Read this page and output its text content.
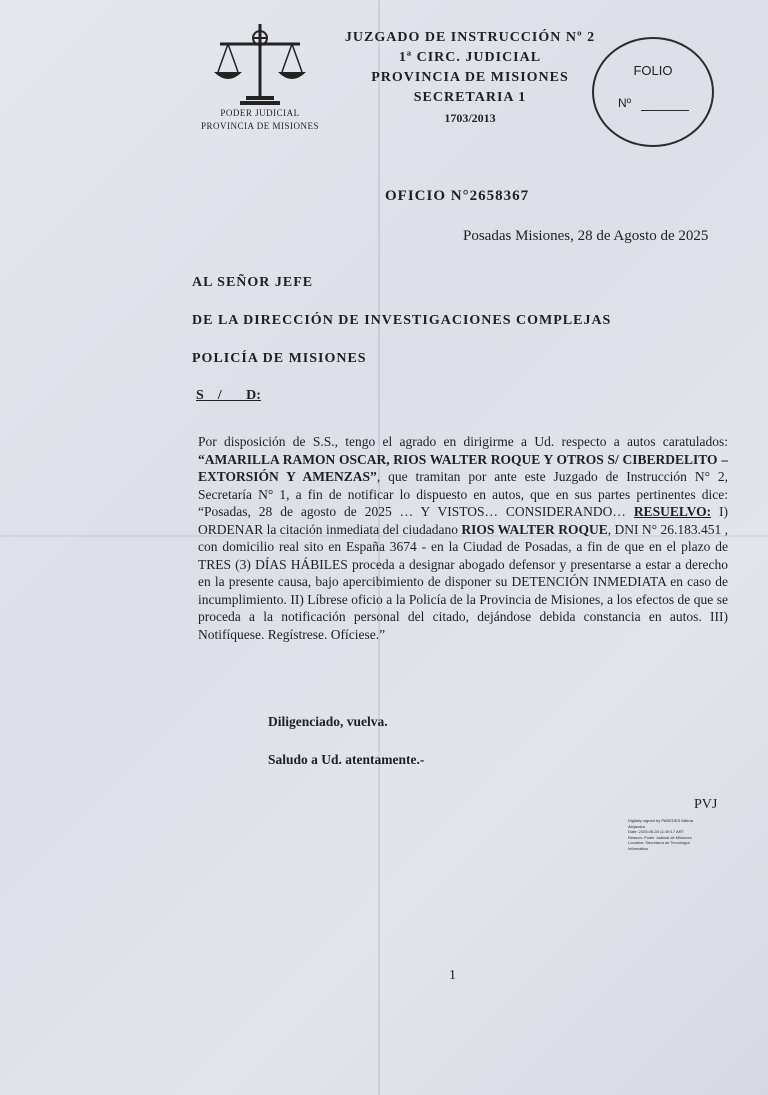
PODER JUDICIAL
PROVINCIA DE MISIONES
JUZGADO DE INSTRUCCIÓN Nº 2
1ª CIRC. JUDICIAL
PROVINCIA DE MISIONES
SECRETARIA 1
1703/2013
FOLIO
Nº
OFICIO N°2658367
Posadas Misiones, 28 de Agosto de 2025
AL SEÑOR JEFE
DE LA DIRECCIÓN DE INVESTIGACIONES COMPLEJAS
POLICÍA DE MISIONES
S    /       D:
Por disposición de S.S., tengo el agrado en dirigirme a Ud. respecto a autos caratulados: “AMARILLA RAMON OSCAR, RIOS WALTER ROQUE Y OTROS S/ CIBERDELITO – EXTORSIÓN Y AMENZAS”, que tramitan por ante este Juzgado de Instrucción N° 2, Secretaría N° 1, a fin de notificar lo dispuesto en autos, que en sus partes pertinentes dice: “Posadas, 28 de agosto de 2025 … Y VISTOS… CONSIDERANDO… RESUELVO: I) ORDENAR la citación inmediata del ciudadano RIOS WALTER ROQUE, DNI N° 26.183.451 , con domicilio real sito en España 3674 - en la Ciudad de Posadas, a fin de que en el plazo de TRES (3) DÍAS HÁBILES proceda a designar abogado defensor y presentarse a estar a derecho en la presente causa, bajo apercibimiento de disponer su DETENCIÓN INMEDIATA en caso de incumplimiento. II) Líbrese oficio a la Policía de la Provincia de Misiones, a los efectos de que se proceda a la notificación personal del citado, dejándose debida constancia en autos. III) Notifíquese. Regístrese. Ofíciese.”
Diligenciado, vuelva.
Saludo a Ud. atentamente.-
PVJ
Digitally signed by PAREDES Milena
Alejandra
Date: 2025.08.28 11:39:17 ART
Reason: Poder Judicial de Misiones
Location: Secretaría de Tecnología
Informática
1
